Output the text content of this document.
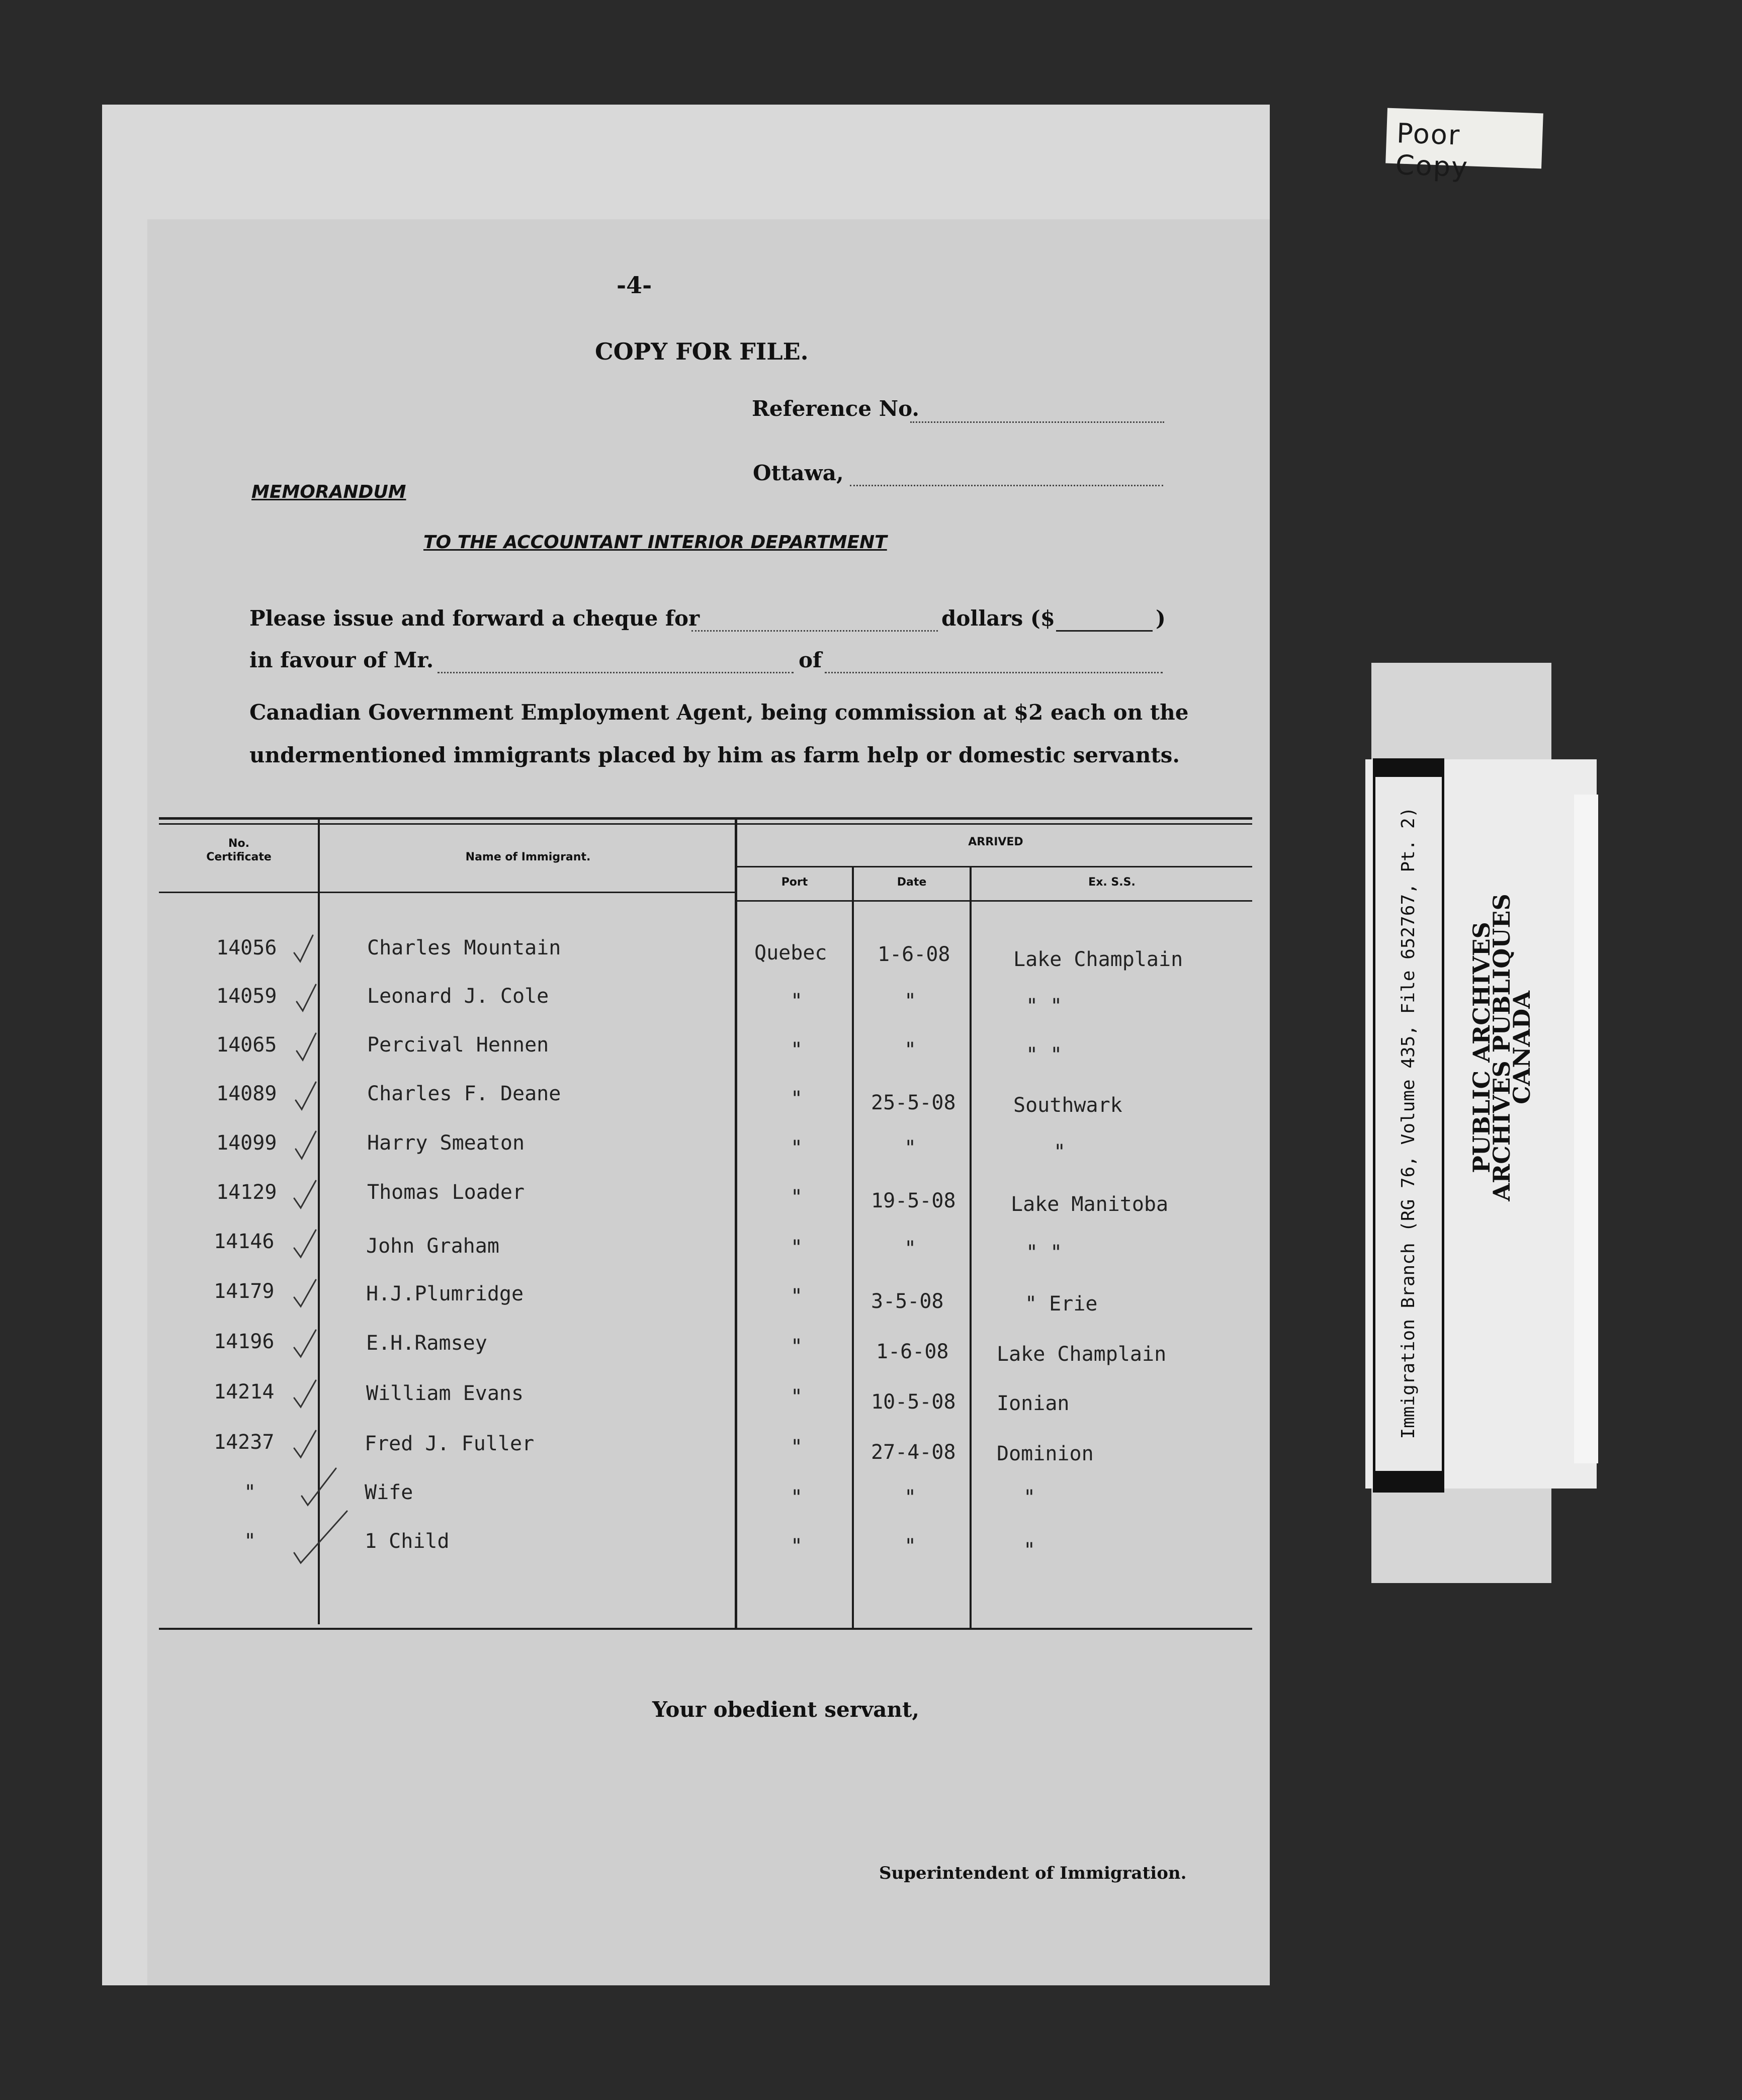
-4-
COPY FOR FILE.
Reference No.
Ottawa,
MEMORANDUM
TO THE ACCOUNTANT INTERIOR DEPARTMENT
Please issue and forward a cheque for	dollars ($	)
in favour of Mr.	of
Canadian Government Employment Agent, being commission at $2 each on the
undermentioned immigrants placed by him as farm help or domestic servants.
No.
Certificate	Name of Immigrant.
ARRIVED
Port	Date	Ex. S.S.
14056	Charles Mountain	Quebec	1-6-08	Lake Champlain
14059	Leonard J. Cole	"	"	" "
14065	Percival Hennen	"	"	" "
14089	Charles F. Deane	"	25-5-08	Southwark
14099	Harry Smeaton	"	"	"
14129	Thomas Loader	"	19-5-08	Lake Manitoba
14146	John Graham	"	"	" "
14179	H.J.Plumridge	"	3-5-08	" Erie
14196	E.H.Ramsey	"	1-6-08 Lake Champlain
14214	William Evans	"	10-5-08 Ionian
14237	Fred J. Fuller	"	27-4-08 Dominion
"	Wife	"	"	"
"	1 Child	"	"	"
Your obedient servant,
Superintendent of Immigration.
Poor Copy
Immigration Branch (RG 76, Volume 435, File 652767, Pt. 2) PUBLIC ARCHIVES
ARCHIVES PUBLIQUES
CANADA
